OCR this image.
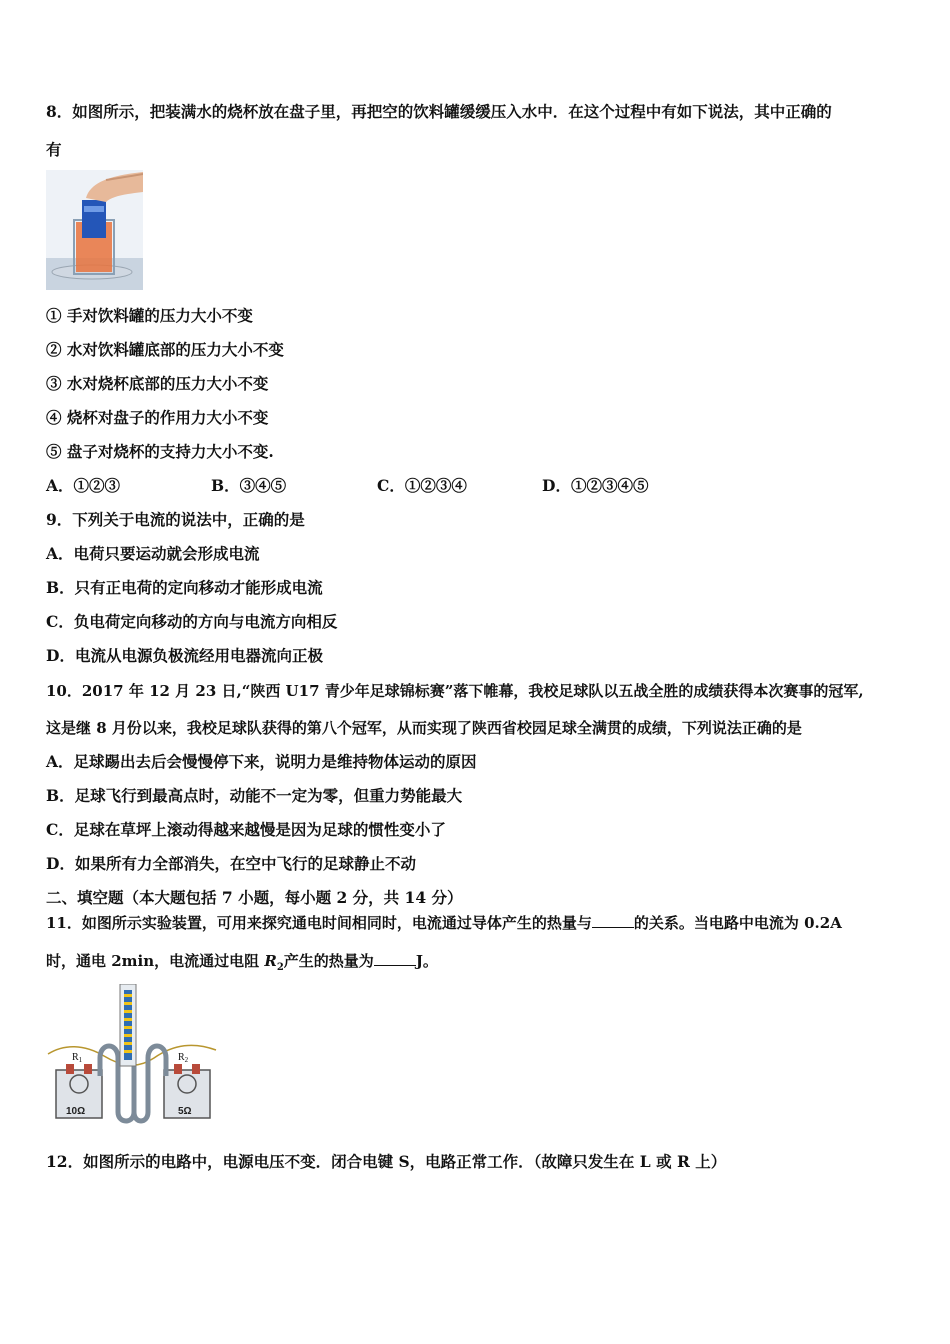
8．如图所示，把装满水的烧杯放在盘子里，再把空的饮料罐缓缓压入水中．在这个过程中有如下说法，其中正确的
有
① 手对饮料罐的压力大小不变
② 水对饮料罐底部的压力大小不变
③ 水对烧杯底部的压力大小不变
④ 烧杯对盘子的作用力大小不变
⑤ 盘子对烧杯的支持力大小不变.
A．①②③	B．③④⑤	C．①②③④	D．①②③④⑤
9．下列关于电流的说法中，正确的是
A．电荷只要运动就会形成电流
B．只有正电荷的定向移动才能形成电流
C．负电荷定向移动的方向与电流方向相反
D．电流从电源负极流经用电器流向正极
10．2017 年 12 月 23 日,“陕西 U17 青少年足球锦标赛”落下帷幕，我校足球队以五战全胜的成绩获得本次赛事的冠军,
这是继 8 月份以来，我校足球队获得的第八个冠军，从而实现了陕西省校园足球全满贯的成绩，下列说法正确的是
A．足球踢出去后会慢慢停下来，说明力是维持物体运动的原因
B．足球飞行到最高点时，动能不一定为零，但重力势能最大
C．足球在草坪上滚动得越来越慢是因为足球的惯性变小了
D．如果所有力全部消失，在空中飞行的足球静止不动
二、填空题（本大题包括 7 小题，每小题 2 分，共 14 分）
11．如图所示实验装置，可用来探究通电时间相同时，电流通过导体产生的热量与	的关系。当电路中电流为 0.2A
时，通电 2min，电流通过电阻 $R_2$产生的热量为	J。
$R_1$	$R_2$
10Ω	5Ω
12．如图所示的电路中，电源电压不变．闭合电键 S，电路正常工作．（故障只发生在 L 或 R 上）
